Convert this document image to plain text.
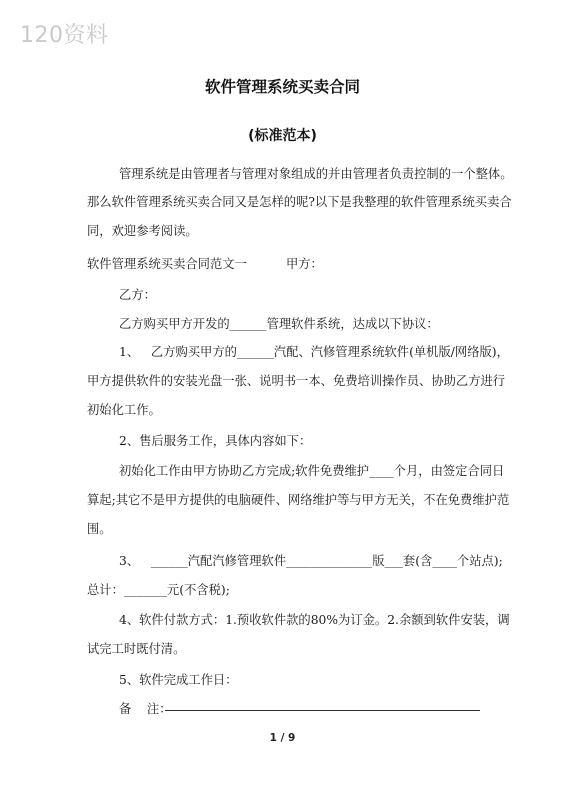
120资料
软件管理系统买卖合同
(标准范本)
管理系统是由管理者与管理对象组成的并由管理者负责控制的一个整体。
那么软件管理系统买卖合同又是怎样的呢?以下是我整理的软件管理系统买卖合
同，欢迎参考阅读。
软件管理系统买卖合同范文一          甲方：
乙方：
乙方购买甲方开发的______管理软件系统，达成以下协议：
1、   乙方购买甲方的______汽配、汽修管理系统软件(单机版/网络版)，
甲方提供软件的安装光盘一张、说明书一本、免费培训操作员、协助乙方进行
初始化工作。
2、售后服务工作，具体内容如下：
初始化工作由甲方协助乙方完成;软件免费维护____个月，由签定合同日
算起;其它不是甲方提供的电脑硬件、网络维护等与甲方无关，不在免费维护范
围。
3、   ______汽配汽修管理软件______________版___套(含____个站点);
总计：_______元(不含税);
4、软件付款方式：1.预收软件款的80%为订金。2.余额到软件安装，调
试完工时既付清。
5、软件完成工作日：
备    注：
1 / 9
